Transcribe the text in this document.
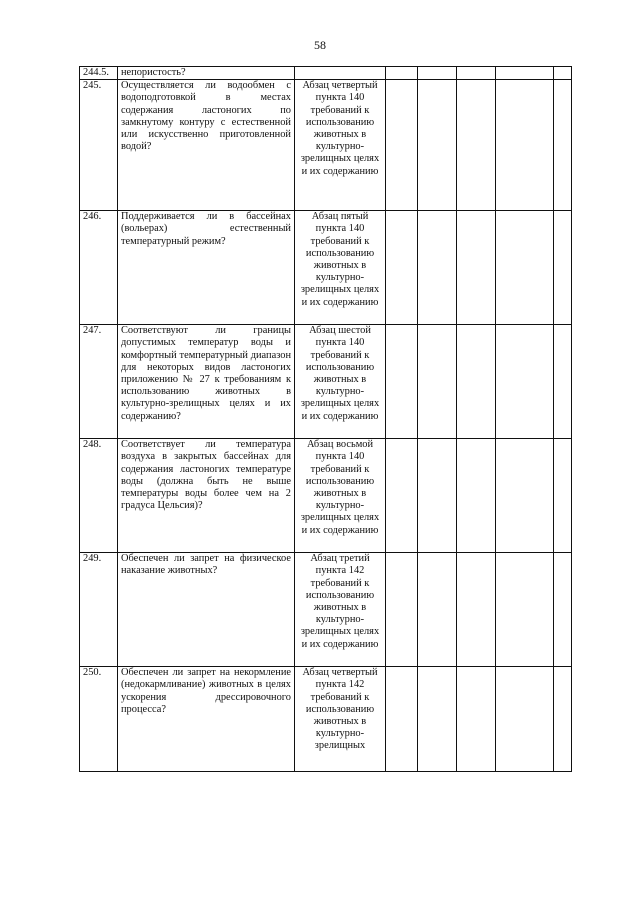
58
244.5.	непористость?						
245.	Осуществляется ли водообмен с водоподготовкой в местах содержания ластоногих по замкнутому контуру с естественной или искусственно приготовленной водой?	Абзац четвертый пункта 140 требований к использованию животных в культурно-зрелищных целях и их содержанию					
246.	Поддерживается ли в бассейнах (вольерах) естественный температурный режим?	Абзац пятый пункта 140 требований к использованию животных в культурно-зрелищных целях и их содержанию					
247.	Соответствуют ли границы допустимых температур воды и комфортный температурный диапазон для некоторых видов ластоногих приложению № 27 к требованиям к использованию животных в культурно-зрелищных целях и их содержанию?	Абзац шестой пункта 140 требований к использованию животных в культурно-зрелищных целях и их содержанию					
248.	Соответствует ли температура воздуха в закрытых бассейнах для содержания ластоногих температуре воды (должна быть не выше температуры воды более чем на 2 градуса Цельсия)?	Абзац восьмой пункта 140 требований к использованию животных в культурно-зрелищных целях и их содержанию					
249.	Обеспечен ли запрет на физическое наказание животных?	Абзац третий пункта 142 требований к использованию животных в культурно-зрелищных целях и их содержанию					
250.	Обеспечен ли запрет на некормление (недокармливание) животных в целях ускорения дрессировочного процесса?	Абзац четвертый пункта 142 требований к использованию животных в культурно-зрелищных					
